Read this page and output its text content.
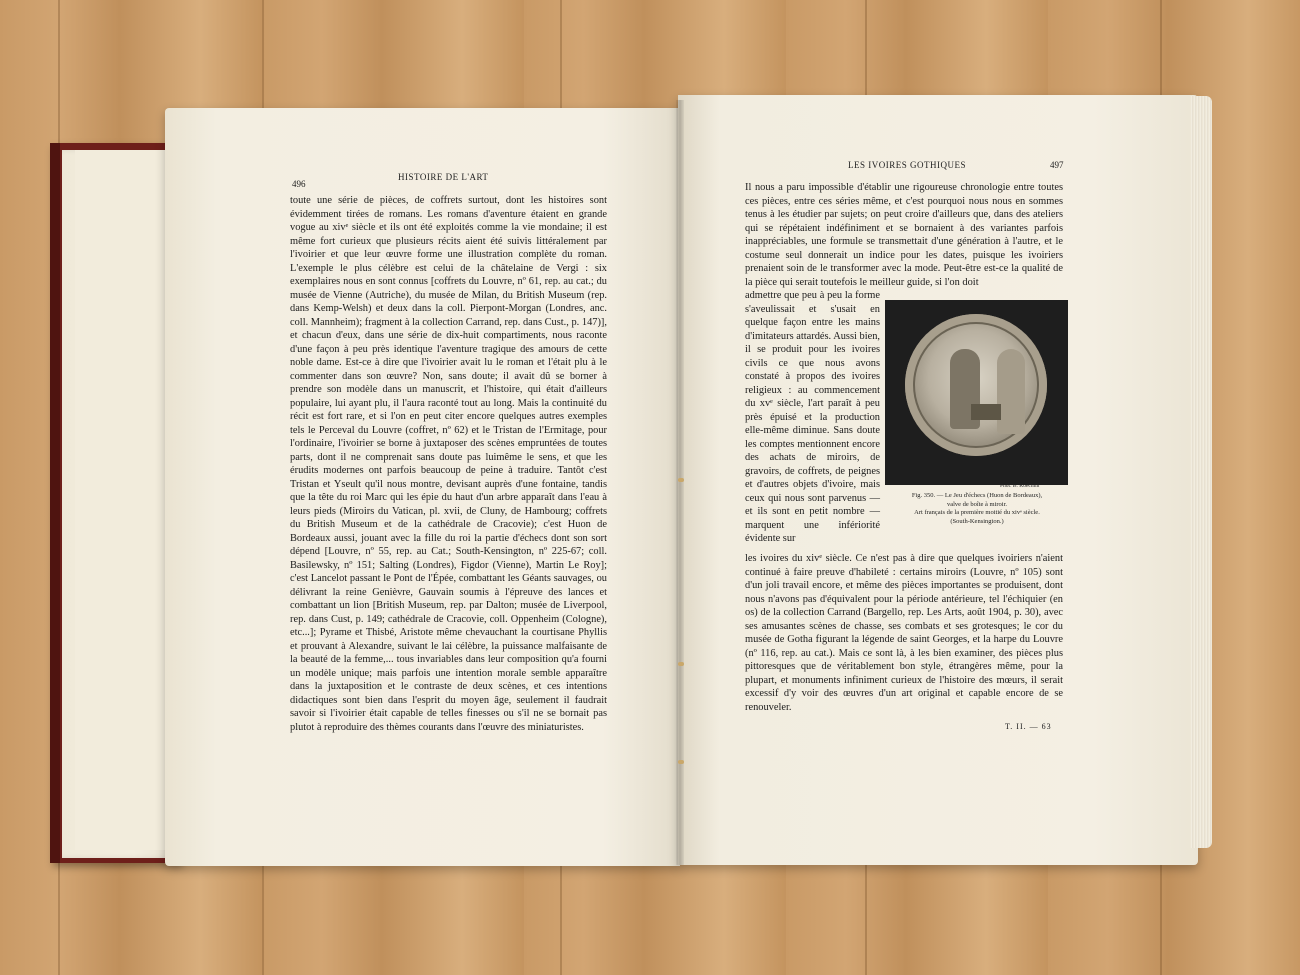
496
HISTOIRE DE L'ART
toute une série de pièces, de coffrets surtout, dont les histoires sont évidemment tirées de romans. Les romans d'aventure étaient en grande vogue au xivᵉ siècle et ils ont été exploités comme la vie mondaine; il est même fort curieux que plusieurs récits aient été suivis littéralement par l'ivoirier et que leur œuvre forme une illustration complète du roman. L'exemple le plus célèbre est celui de la châtelaine de Vergi : six exemplaires nous en sont connus [coffrets du Louvre, nº 61, rep. au cat.; du musée de Vienne (Autriche), du musée de Milan, du British Museum (rep. dans Kemp-Welsh) et deux dans la coll. Pierpont-Morgan (Londres, anc. coll. Mannheim); fragment à la collection Carrand, rep. dans Cust., p. 147)], et chacun d'eux, dans une série de dix-huit compartiments, nous raconte d'une façon à peu près identique l'aventure tragique des amours de cette noble dame. Est-ce à dire que l'ivoirier avait lu le roman et l'était plu à le commenter dans son œuvre? Non, sans doute; il avait dû se borner à prendre son modèle dans un manuscrit, et l'histoire, qui était d'ailleurs populaire, lui ayant plu, il l'aura raconté tout au long. Mais la continuité du récit est fort rare, et si l'on en peut citer encore quelques autres exemples tels le Perceval du Louvre (coffret, nº 62) et le Tristan de l'Ermitage, pour l'ordinaire, l'ivoirier se borne à juxtaposer des scènes empruntées de toutes parts, dont il ne comprenait sans doute pas luimême le sens, et que les érudits modernes ont parfois beaucoup de peine à traduire. Tantôt c'est Tristan et Yseult qu'il nous montre, devisant auprès d'une fontaine, tandis que la tête du roi Marc qui les épie du haut d'un arbre apparaît dans l'eau à leurs pieds (Miroirs du Vatican, pl. xvii, de Cluny, de Hambourg; coffrets du British Museum et de la cathédrale de Cracovie); c'est Huon de Bordeaux aussi, jouant avec la fille du roi la partie d'échecs dont son sort dépend [Louvre, nº 55, rep. au Cat.; South-Kensington, nº 225-67; coll. Basilewsky, nº 151; Salting (Londres), Figdor (Vienne), Martin Le Roy]; c'est Lancelot passant le Pont de l'Épée, combattant les Géants sauvages, ou délivrant la reine Genièvre, Gauvain soumis à l'épreuve des lances et combattant un lion [British Museum, rep. par Dalton; musée de Liverpool, rep. dans Cust, p. 149; cathédrale de Cracovie, coll. Oppenheim (Cologne), etc...]; Pyrame et Thisbé, Aristote même chevauchant la courtisane Phyllis et prouvant à Alexandre, suivant le lai célèbre, la puissance malfaisante de la beauté de la femme,... tous invariables dans leur composition qu'a fourni un modèle unique; mais parfois une intention morale semble apparaître dans la juxtaposition et le contraste de deux scènes, et ces intentions didactiques sont bien dans l'esprit du moyen âge, seulement il faudrait savoir si l'ivoirier était capable de telles finesses ou s'il ne se bornait pas plutot à reproduire des thèmes courants dans l'œuvre des miniaturistes.
LES IVOIRES GOTHIQUES	497
Il nous a paru impossible d'établir une rigoureuse chronologie entre toutes ces pièces, entre ces séries même, et c'est pourquoi nous nous en sommes tenus à les étudier par sujets; on peut croire d'ailleurs que, dans des ateliers qui se répétaient indéfiniment et se bornaient à des variantes parfois inappréciables, une formule se transmettait d'une génération à l'autre, et le costume seul donnerait un indice pour les dates, puisque les ivoiriers prenaient soin de le transformer avec la mode. Peut-être est-ce la qualité de la pièce qui serait toutefois le meilleur guide, si l'on doit
admettre que peu à peu la forme s'aveulissait et s'usait en quelque façon entre les mains d'imitateurs attardés. Aussi bien, il se produit pour les ivoires civils ce que nous avons constaté à propos des ivoires religieux : au commencement du xvᵉ siècle, l'art paraît à peu près épuisé et la production elle-même diminue. Sans doute les comptes mentionnent encore des achats de miroirs, de gravoirs, de coffrets, de peignes et d'autres objets d'ivoire, mais ceux qui nous sont parvenus — et ils sont en petit nombre — marquent une infériorité évidente sur
Phot. B. Koechlin
Fig. 350. — Le Jeu d'échecs (Huon de Bordeaux),
valve de boîte à miroir.
Art français de la première moitié du xivᵉ siècle.
(South-Kensington.)
les ivoires du xivᵉ siècle. Ce n'est pas à dire que quelques ivoiriers n'aient continué à faire preuve d'habileté : certains miroirs (Louvre, nº 105) sont d'un joli travail encore, et même des pièces importantes se produisent, dont nous n'avons pas d'équivalent pour la période antérieure, tel l'échiquier (en os) de la collection Carrand (Bargello, rep. Les Arts, août 1904, p. 30), avec ses amusantes scènes de chasse, ses combats et ses grotesques; le cor du musée de Gotha figurant la légende de saint Georges, et la harpe du Louvre (nº 116, rep. au cat.). Mais ce sont là, à les bien examiner, des pièces plus pittoresques que de véritablement bon style, étrangères même, pour la plupart, et monuments infiniment curieux de l'histoire des mœurs, il serait excessif d'y voir des œuvres d'un art original et capable encore de se renouveler.
T. II. — 63
